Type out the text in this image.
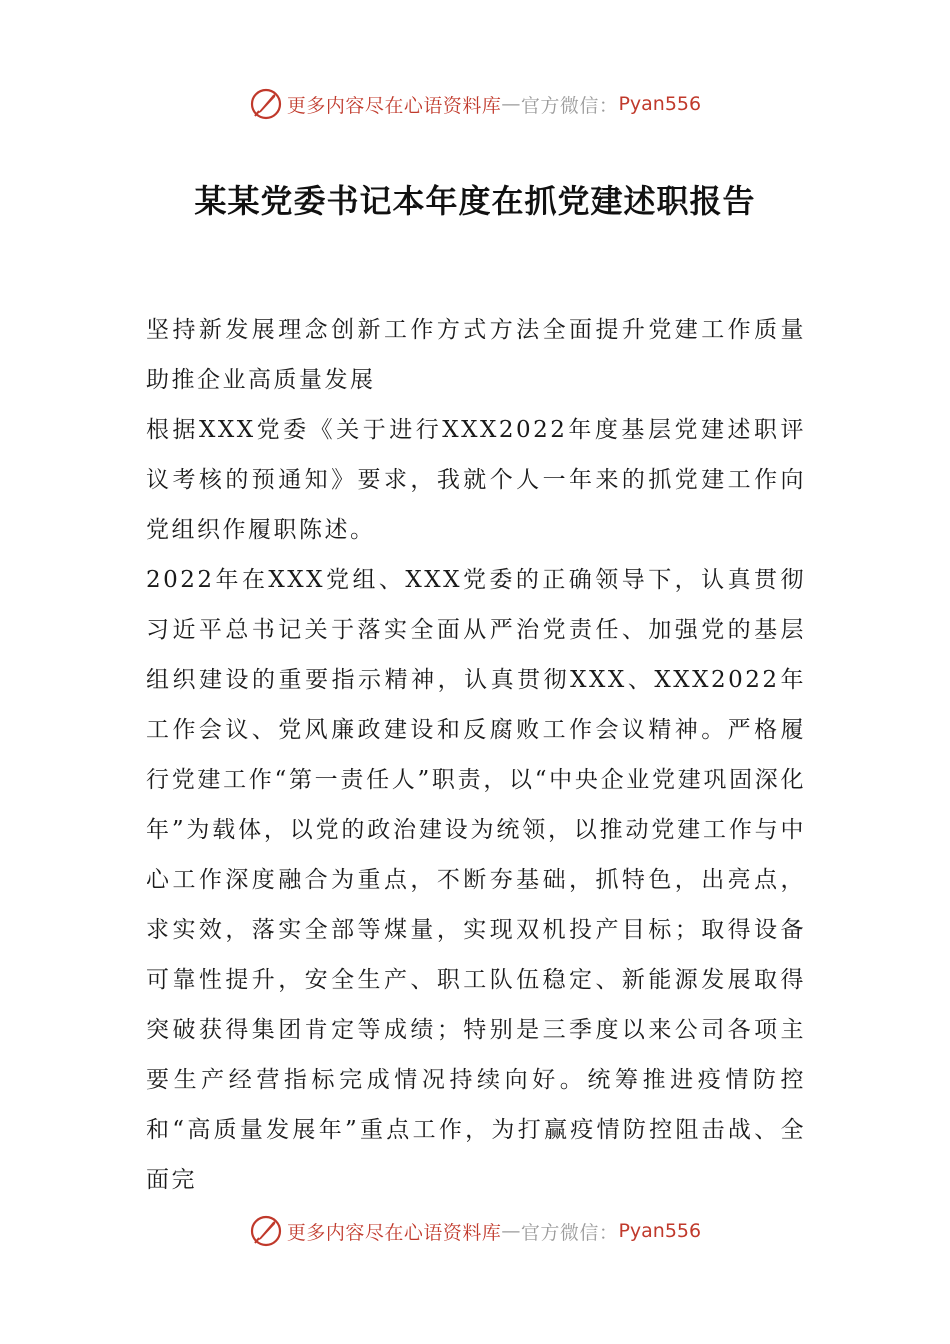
更多内容尽在心语资料库 — 官方微信： Pyan556
某某党委书记本年度在抓党建述职报告

坚持新发展理念创新工作方式方法全面提升党建工作质量助推企业高质量发展

根据XXX党委《关于进行XXX2022年度基层党建述职评议考核的预通知》要求，我就个人一年来的抓党建工作向党组织作履职陈述。

2022年在XXX党组、XXX党委的正确领导下，认真贯彻习近平总书记关于落实全面从严治党责任、加强党的基层组织建设的重要指示精神，认真贯彻XXX、XXX2022年工作会议、党风廉政建设和反腐败工作会议精神。严格履行党建工作“第一责任人”职责，以“中央企业党建巩固深化年”为载体，以党的政治建设为统领，以推动党建工作与中心工作深度融合为重点，不断夯基础，抓特色，出亮点，求实效，落实全部等煤量，实现双机投产目标；取得设备可靠性提升，安全生产、职工队伍稳定、新能源发展取得突破获得集团肯定等成绩；特别是三季度以来公司各项主要生产经营指标完成情况持续向好。统筹推进疫情防控和“高质量发展年”重点工作，为打赢疫情防控阻击战、全面完

更多内容尽在心语资料库 — 官方微信： Pyan556
